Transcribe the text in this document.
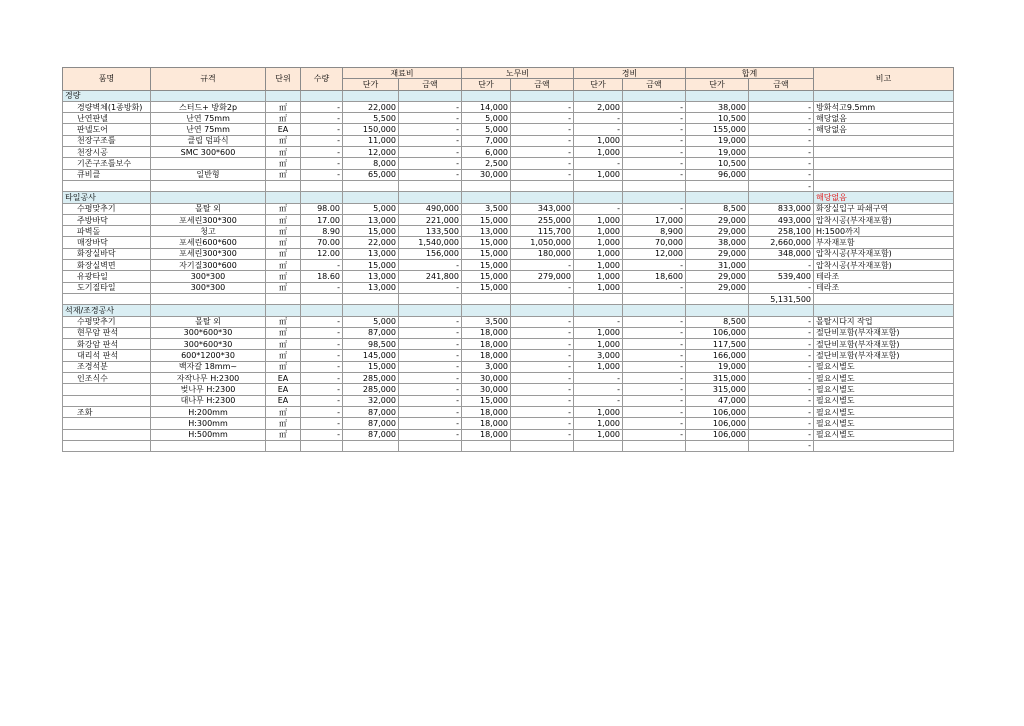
품명	규격	단위	수량	재료비		노무비		경비		합계		비고
				단가	금액	단가	금액	단가	금액	단가	금액	
경량												
경량벽체(1종방화)	스터드+ 방화2p	㎡	-	22,000	-	14,000	-	2,000	-	38,000	-	방화석고9.5mm
난연판넬	난연 75mm	㎡	-	5,500	-	5,000	-	-	-	10,500	-	해당없음
판넬도어	난연 75mm	EA	-	150,000	-	5,000	-	-	-	155,000	-	해당없음
천장구조틀	클립 덤파식	㎡	-	11,000	-	7,000	-	1,000	-	19,000	-	
천장시공	SMC 300*600	㎡	-	12,000	-	6,000	-	1,000	-	19,000	-	
기존구조틀보수		㎡	-	8,000	-	2,500	-	-	-	10,500	-	
큐비클	일반형	㎡	-	65,000	-	30,000	-	1,000	-	96,000	-	
											-	
타일공사												해당없음
수평맞추기	몰탈 외	㎡	98.00	5,000	490,000	3,500	343,000	-	-	8,500	833,000	화장실입구 파쇄구역
주방바닥	포세린300*300	㎡	17.00	13,000	221,000	15,000	255,000	1,000	17,000	29,000	493,000	압착시공(부자재포함)
파벽돌	청고	㎡	8.90	15,000	133,500	13,000	115,700	1,000	8,900	29,000	258,100	H:1500까지
매장바닥	포세린600*600	㎡	70.00	22,000	1,540,000	15,000	1,050,000	1,000	70,000	38,000	2,660,000	부자재포함
화장실바닥	포세린300*300	㎡	12.00	13,000	156,000	15,000	180,000	1,000	12,000	29,000	348,000	압착시공(부자재포함)
화장실벽면	자기질300*600	㎡	-	15,000	-	15,000	-	1,000	-	31,000	-	압착시공(부자재포함)
유광타일	300*300	㎡	18.60	13,000	241,800	15,000	279,000	1,000	18,600	29,000	539,400	테라조
도기질타일	300*300	㎡	-	13,000	-	15,000	-	1,000	-	29,000	-	테라조
											5,131,500	
석재/조경공사												
수평맞추기	몰탈 외	㎡	-	5,000	-	3,500	-	-	-	8,500	-	몰탈시다지 작업
현무암 판석	300*600*30	㎡	-	87,000	-	18,000	-	1,000	-	106,000	-	절단비포함(부자재포함)
화강암 판석	300*600*30	㎡	-	98,500	-	18,000	-	1,000	-	117,500	-	절단비포함(부자재포함)
대리석 판석	600*1200*30	㎡	-	145,000	-	18,000	-	3,000	-	166,000	-	절단비포함(부자재포함)
조경석분	백자갈 18mm~	㎡	-	15,000	-	3,000	-	1,000	-	19,000	-	필요시별도
인조식수	자작나무 H:2300	EA	-	285,000	-	30,000	-	-	-	315,000	-	필요시별도
	벚나무 H:2300	EA	-	285,000	-	30,000	-	-	-	315,000	-	필요시별도
	대나무 H:2300	EA	-	32,000	-	15,000	-	-	-	47,000	-	필요시별도
조화	H:200mm	㎡	-	87,000	-	18,000	-	1,000	-	106,000	-	필요시별도
	H:300mm	㎡	-	87,000	-	18,000	-	1,000	-	106,000	-	필요시별도
	H:500mm	㎡	-	87,000	-	18,000	-	1,000	-	106,000	-	필요시별도
											-	
